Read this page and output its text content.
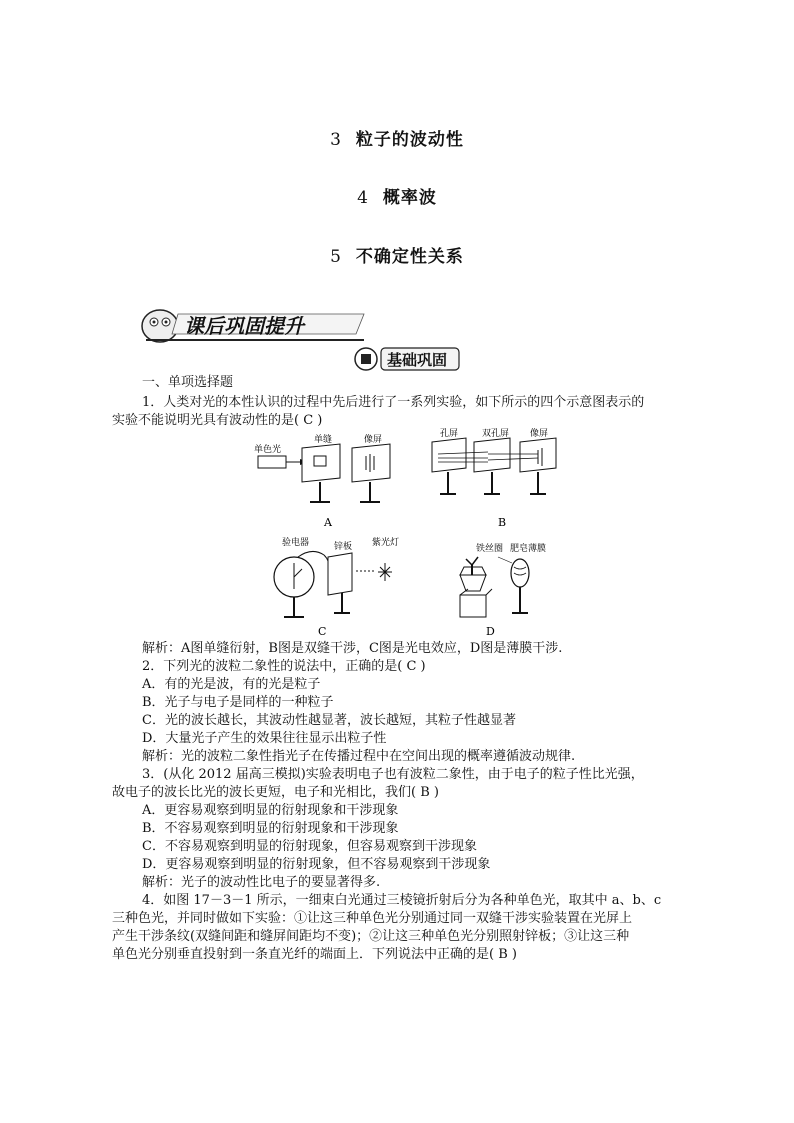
3 粒子的波动性
4 概率波
5 不确定性关系
课后巩固提升
基础巩固
一、单项选择题
1．人类对光的本性认识的过程中先后进行了一系列实验，如下所示的四个示意图表示的
实验不能说明光具有波动性的是( C )
单色光
单缝	像屏
A
孔屏	双孔屏 像屏
B
验电器	锌板 紫光灯
C
铁丝圈 肥皂薄膜
D
解析：A图单缝衍射，B图是双缝干涉，C图是光电效应，D图是薄膜干涉.
2．下列光的波粒二象性的说法中，正确的是( C )
A．有的光是波，有的光是粒子
B．光子与电子是同样的一种粒子
C．光的波长越长，其波动性越显著，波长越短，其粒子性越显著
D．大量光子产生的效果往往显示出粒子性
解析：光的波粒二象性指光子在传播过程中在空间出现的概率遵循波动规律.
3．(从化 2012 届高三模拟)实验表明电子也有波粒二象性，由于电子的粒子性比光强，
故电子的波长比光的波长更短，电子和光相比，我们( B )
A．更容易观察到明显的衍射现象和干涉现象
B．不容易观察到明显的衍射现象和干涉现象
C．不容易观察到明显的衍射现象，但容易观察到干涉现象
D．更容易观察到明显的衍射现象，但不容易观察到干涉现象
解析：光子的波动性比电子的要显著得多.
4．如图 17－3－1 所示，一细束白光通过三棱镜折射后分为各种单色光，取其中 a、b、c
三种色光，并同时做如下实验：①让这三种单色光分别通过同一双缝干涉实验装置在光屏上
产生干涉条纹(双缝间距和缝屏间距均不变)；②让这三种单色光分别照射锌板；③让这三种
单色光分别垂直投射到一条直光纤的端面上．下列说法中正确的是( B )
